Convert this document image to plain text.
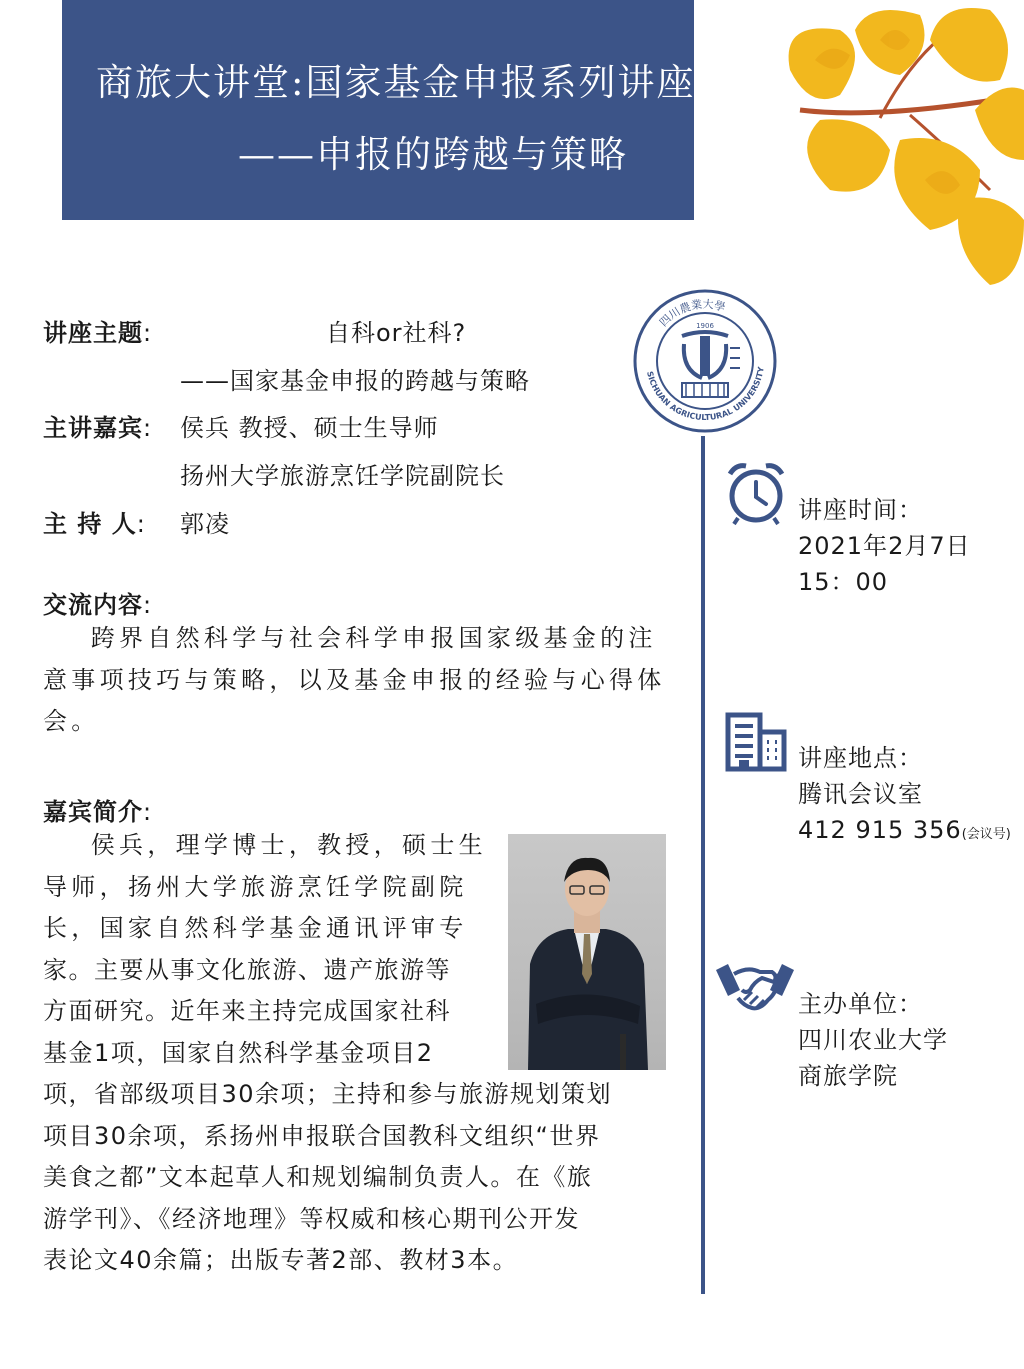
商旅大讲堂:国家基金申报系列讲座
——申报的跨越与策略
四川農業大學
SICHUAN AGRICULTURAL UNIVERSITY
1906
讲座主题:	自科or社科?
——国家基金申报的跨越与策略
主讲嘉宾: 侯兵 教授、硕士生导师
扬州大学旅游烹饪学院副院长
主 持 人: 郭凌
交流内容:

跨界自然科学与社会科学申报国家级基金的注

意事项技巧与策略，以及基金申报的经验与心得体

会。

嘉宾简介:

侯兵，理学博士，教授，硕士生

导师，扬州大学旅游烹饪学院副院

长，国家自然科学基金通讯评审专

家。主要从事文化旅游、遗产旅游等

方面研究。近年来主持完成国家社科

基金1项，国家自然科学基金项目2

项，省部级项目30余项；主持和参与旅游规划策划

项目30余项，系扬州申报联合国教科文组织“世界

美食之都”文本起草人和规划编制负责人。在《旅

游学刊》、《经济地理》等权威和核心期刊公开发

表论文40余篇；出版专著2部、教材3本。

讲座时间：
2021年2月7日
15：00
讲座地点：
腾讯会议室
412 915 356(会议号)
主办单位：
四川农业大学
商旅学院
